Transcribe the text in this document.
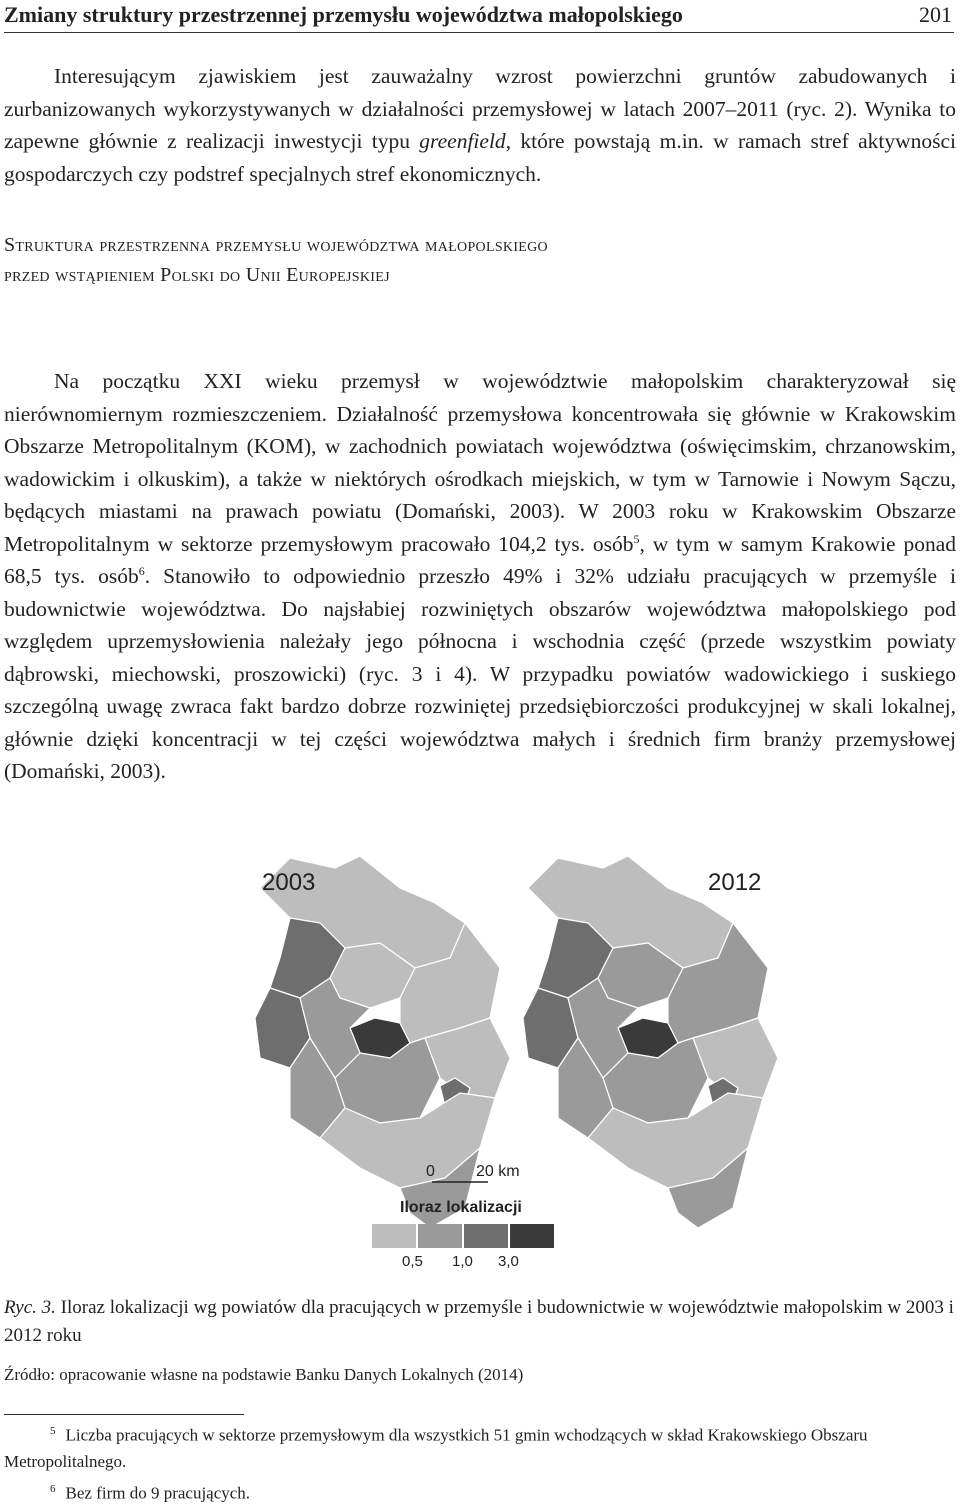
Zmiany struktury przestrzennej przemysłu województwa małopolskiego	201

Interesującym zjawiskiem jest zauważalny wzrost powierzchni gruntów zabudowanych i zurbanizowanych wykorzystywanych w działalności przemysłowej w latach 2007–2011 (ryc. 2). Wynika to zapewne głównie z realizacji inwestycji typu greenfield, które powstają m.in. w ramach stref aktywności gospodarczych czy podstref specjalnych stref ekonomicznych.

Struktura przestrzenna przemysłu województwa małopolskiego
przed wstąpieniem Polski do Unii Europejskiej

Na początku XXI wieku przemysł w województwie małopolskim charakteryzował się nierównomiernym rozmieszczeniem. Działalność przemysłowa koncentrowała się głównie w Krakowskim Obszarze Metropolitalnym (KOM), w zachodnich powiatach województwa (oświęcimskim, chrzanowskim, wadowickim i olkuskim), a także w niektórych ośrodkach miejskich, w tym w Tarnowie i Nowym Sączu, będących miastami na prawach powiatu (Domański, 2003). W 2003 roku w Krakowskim Obszarze Metropolitalnym w sektorze przemysłowym pracowało 104,2 tys. osób$^5$, w tym w samym Krakowie ponad 68,5 tys. osób$^6$. Stanowiło to odpowiednio przeszło 49% i 32% udziału pracujących w przemyśle i budownictwie województwa. Do najsłabiej rozwiniętych obszarów województwa małopolskiego pod względem uprzemysłowienia należały jego północna i wschodnia część (przede wszystkim powiaty dąbrowski, miechowski, proszowicki) (ryc. 3 i 4). W przypadku powiatów wadowickiego i suskiego szczególną uwagę zwraca fakt bardzo dobrze rozwiniętej przedsiębiorczości produkcyjnej w skali lokalnej, głównie dzięki koncentracji w tej części województwa małych i średnich firm branży przemysłowej (Domański, 2003).

2003	2012
0	20 km
Iloraz lokalizacji
0,5 1,0 3,0
Ryc. 3. Iloraz lokalizacji wg powiatów dla pracujących w przemyśle i budownictwie w województwie małopolskim w 2003 i 2012 roku
Źródło: opracowanie własne na podstawie Banku Danych Lokalnych (2014)
$^5$ Liczba pracujących w sektorze przemysłowym dla wszystkich 51 gmin wchodzących w skład Krakowskiego Obszaru Metropolitalnego.
$^6$ Bez firm do 9 pracujących.
